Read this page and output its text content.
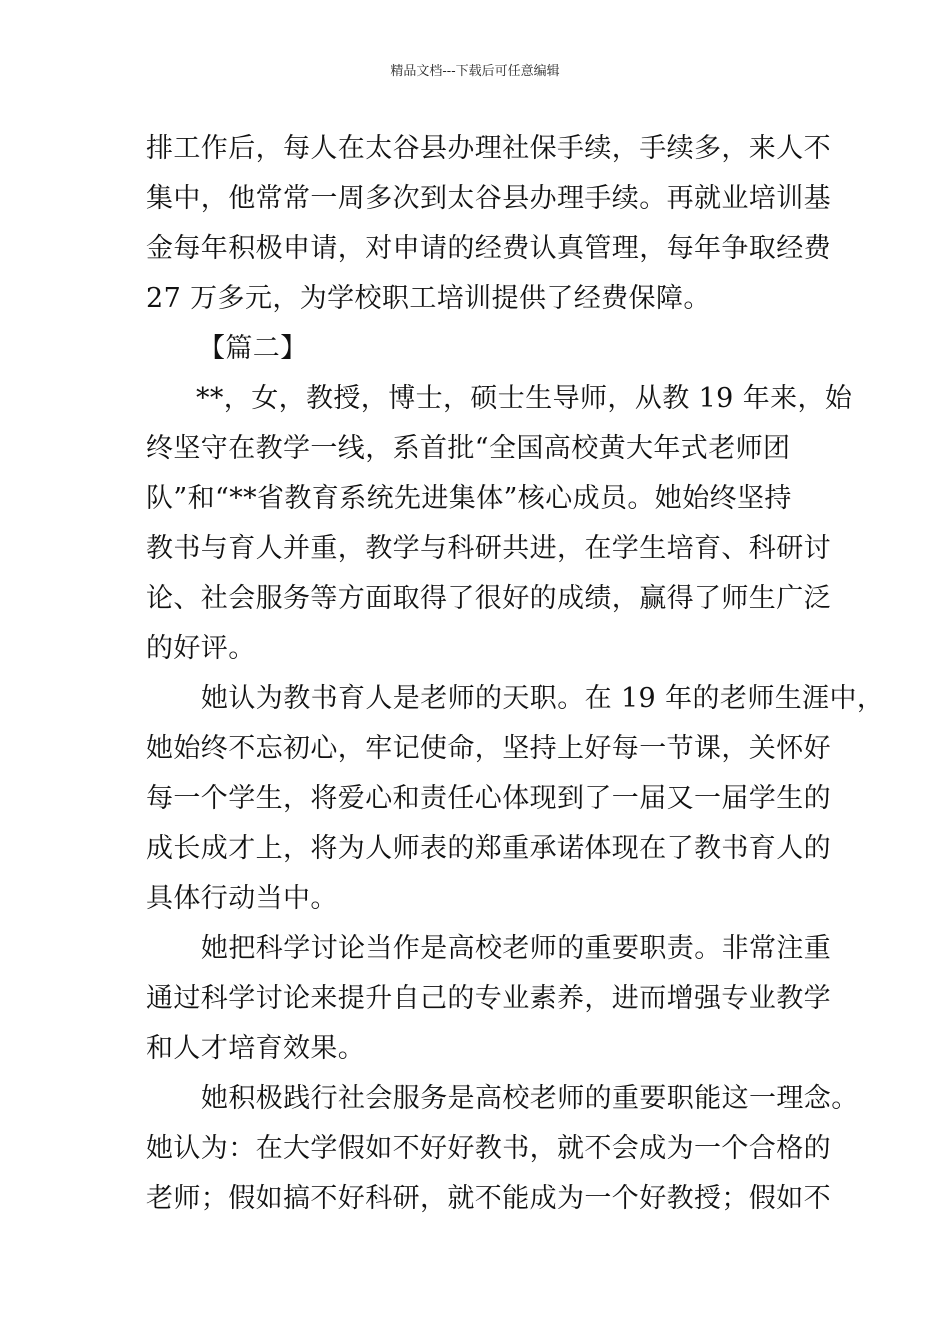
精品文档---下载后可任意编辑
排工作后，每人在太谷县办理社保手续，手续多，来人不
集中，他常常一周多次到太谷县办理手续。再就业培训基
金每年积极申请，对申请的经费认真管理，每年争取经费
27 万多元，为学校职工培训提供了经费保障。
【篇二】
**，女，教授，博士，硕士生导师，从教 19 年来，始
终坚守在教学一线，系首批“全国高校黄大年式老师团
队”和“**省教育系统先进集体”核心成员。她始终坚持
教书与育人并重，教学与科研共进，在学生培育、科研讨
论、社会服务等方面取得了很好的成绩，赢得了师生广泛
的好评。
她认为教书育人是老师的天职。在 19 年的老师生涯中，
她始终不忘初心，牢记使命，坚持上好每一节课，关怀好
每一个学生，将爱心和责任心体现到了一届又一届学生的
成长成才上，将为人师表的郑重承诺体现在了教书育人的
具体行动当中。
她把科学讨论当作是高校老师的重要职责。非常注重
通过科学讨论来提升自己的专业素养，进而增强专业教学
和人才培育效果。
她积极践行社会服务是高校老师的重要职能这一理念。
她认为：在大学假如不好好教书，就不会成为一个合格的
老师；假如搞不好科研，就不能成为一个好教授；假如不
